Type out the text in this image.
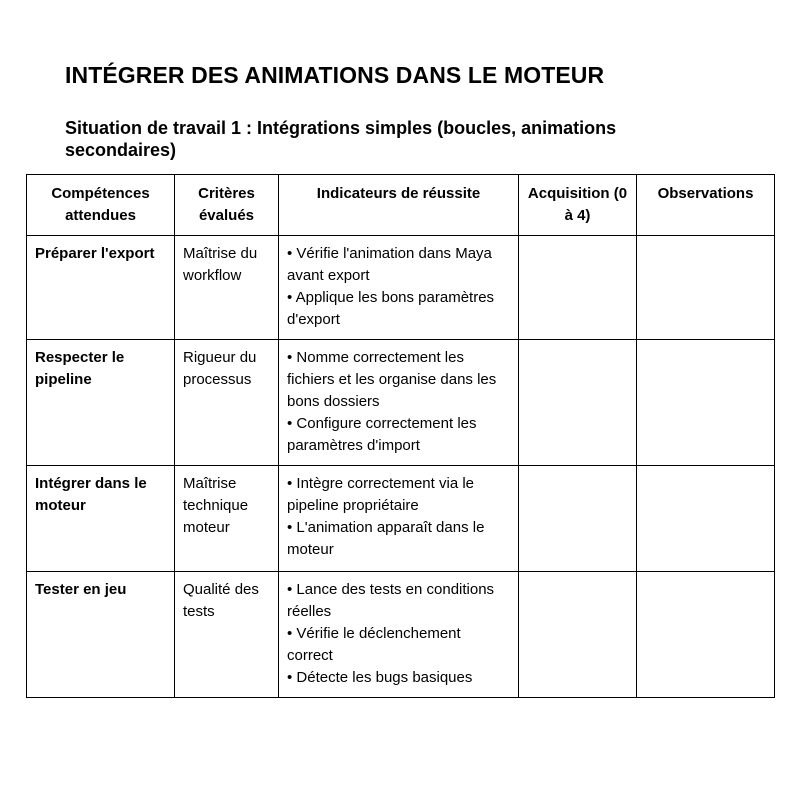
INTÉGRER DES ANIMATIONS DANS LE MOTEUR
Situation de travail 1 : Intégrations simples (boucles, animations secondaires)
Compétences attendues	Critères évalués	Indicateurs de réussite	Acquisition (0 à 4)	Observations
Préparer l'export	Maîtrise du workflow	• Vérifie l'animation dans Maya avant export
• Applique les bons paramètres d'export		

Respecter le pipeline	Rigueur du processus	• Nomme correctement les fichiers et les organise dans les bons dossiers
• Configure correctement les paramètres d'import		

Intégrer dans le moteur	Maîtrise technique moteur	• Intègre correctement via le pipeline propriétaire
• L'animation apparaît dans le moteur		

Tester en jeu	Qualité des tests	• Lance des tests en conditions réelles
• Vérifie le déclenchement correct
• Détecte les bugs basiques		
